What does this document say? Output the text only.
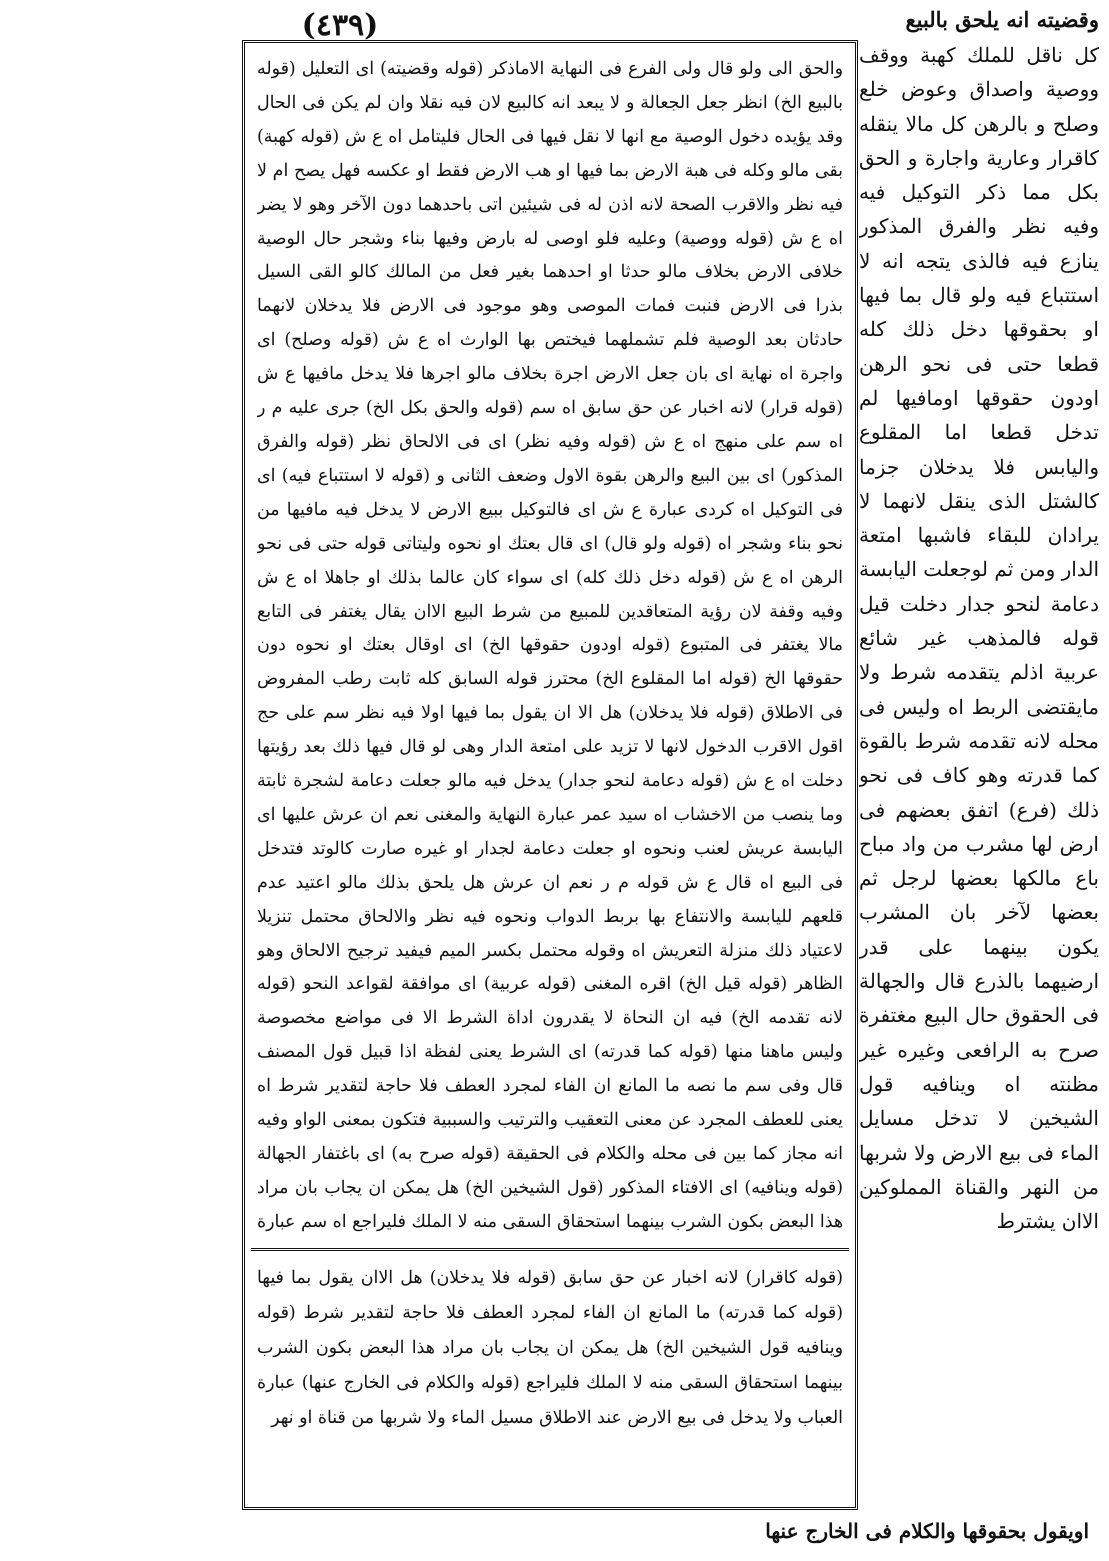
(٤٣٩)	وقضيته انه يلحق بالبيع

كل ناقل للملك كهبة ووقف ووصية واصداق وعوض خلع وصلح و بالرهن كل مالا ينقله كاقرار وعارية واجارة و الحق بكل مما ذكر التوكيل فيه وفيه نظر والفرق المذكور ينازع فيه فالذى يتجه انه لا استتباع فيه ولو قال بما فيها او بحقوقها دخل ذلك كله قطعا حتى فى نحو الرهن اودون حقوقها اومافيها لم تدخل قطعا اما المقلوع واليابس فلا يدخلان جزما كالشتل الذى ينقل لانهما لا يرادان للبقاء فاشبها امتعة الدار ومن ثم لوجعلت اليابسة دعامة لنحو جدار دخلت قيل قوله فالمذهب غير شائع عربية اذلم يتقدمه شرط ولا مايقتضى الربط اه وليس فى محله لانه تقدمه شرط بالقوة كما قدرته وهو كاف فى نحو ذلك (فرع) اتفق بعضهم فى ارض لها مشرب من واد مباح باع مالكها بعضها لرجل ثم بعضها لآخر بان المشرب يكون بينهما على قدر ارضيهما بالذرع قال والجهالة فى الحقوق حال البيع مغتفرة صرح به الرافعى وغيره غير مظنته اه وينافيه قول الشيخين لا تدخل مسايل الماء فى بيع الارض ولا شربها من النهر والقناة المملوكين الاان يشترط

والحق الى ولو قال ولى الفرع فى النهاية الاماذكر (قوله وقضيته) اى التعليل (قوله بالبيع الخ) انظر جعل الجعالة و لا يبعد انه كالبيع لان فيه نقلا وان لم يكن فى الحال وقد يؤيده دخول الوصية مع انها لا نقل فيها فى الحال فليتامل اه ع ش (قوله كهبة) بقى مالو وكله فى هبة الارض بما فيها او هب الارض فقط او عكسه فهل يصح ام لا فيه نظر والاقرب الصحة لانه اذن له فى شيئين اتى باحدهما دون الآخر وهو لا يضر اه ع ش (قوله ووصية) وعليه فلو اوصى له بارض وفيها بناء وشجر حال الوصية خلافى الارض بخلاف مالو حدثا او احدهما بغير فعل من المالك كالو القى السيل بذرا فى الارض فنبت فمات الموصى وهو موجود فى الارض فلا يدخلان لانهما حادثان بعد الوصية فلم تشملهما فيختص بها الوارث اه ع ش (قوله وصلح) اى واجرة اه نهاية اى بان جعل الارض اجرة بخلاف مالو اجرها فلا يدخل مافيها ع ش (قوله قرار) لانه اخبار عن حق سابق اه سم (قوله والحق بكل الخ) جرى عليه م ر اه سم على منهج اه ع ش (قوله وفيه نظر) اى فى الالحاق نظر (قوله والفرق المذكور) اى بين البيع والرهن بقوة الاول وضعف الثانى و (قوله لا استتباع فيه) اى فى التوكيل اه كردى عبارة ع ش اى فالتوكيل ببيع الارض لا يدخل فيه مافيها من نحو بناء وشجر اه (قوله ولو قال) اى قال بعتك او نحوه وليتاتى قوله حتى فى نحو الرهن اه ع ش (قوله دخل ذلك كله) اى سواء كان عالما بذلك او جاهلا اه ع ش وفيه وقفة لان رؤية المتعاقدين للمبيع من شرط البيع الاان يقال يغتفر فى التابع مالا يغتفر فى المتبوع (قوله اودون حقوقها الخ) اى اوقال بعتك او نحوه دون حقوقها الخ (قوله اما المقلوع الخ) محترز قوله السابق كله ثابت رطب المفروض فى الاطلاق (قوله فلا يدخلان) هل الا ان يقول بما فيها اولا فيه نظر سم على حج اقول الاقرب الدخول لانها لا تزيد على امتعة الدار وهى لو قال فيها ذلك بعد رؤيتها دخلت اه ع ش (قوله دعامة لنحو جدار) يدخل فيه مالو جعلت دعامة لشجرة ثابتة وما ينصب من الاخشاب اه سيد عمر عبارة النهاية والمغنى نعم ان عرش عليها اى اليابسة عريش لعنب ونحوه او جعلت دعامة لجدار او غيره صارت كالوتد فتدخل فى البيع اه قال ع ش قوله م ر نعم ان عرش هل يلحق بذلك مالو اعتيد عدم قلعهم لليابسة والانتفاع بها بربط الدواب ونحوه فيه نظر والالحاق محتمل تنزيلا لاعتياد ذلك منزلة التعريش اه وقوله محتمل بكسر الميم فيفيد ترجيح الالحاق وهو الظاهر (قوله قيل الخ) اقره المغنى (قوله عربية) اى موافقة لقواعد النحو (قوله لانه تقدمه الخ) فيه ان النحاة لا يقدرون اداة الشرط الا فى مواضع مخصوصة وليس ماهنا منها (قوله كما قدرته) اى الشرط يعنى لفظة اذا قبيل قول المصنف قال وفى سم ما نصه ما المانع ان الفاء لمجرد العطف فلا حاجة لتقدير شرط اه يعنى للعطف المجرد عن معنى التعقيب والترتيب والسببية فتكون بمعنى الواو وفيه انه مجاز كما بين فى محله والكلام فى الحقيقة (قوله صرح به) اى باغتفار الجهالة (قوله وينافيه) اى الافتاء المذكور (قول الشيخين الخ) هل يمكن ان يجاب بان مراد هذا البعض بكون الشرب بينهما استحقاق السقى منه لا الملك فليراجع اه سم عبارة

(قوله كاقرار) لانه اخبار عن حق سابق (قوله فلا يدخلان) هل الاان يقول بما فيها (قوله كما قدرته) ما المانع ان الفاء لمجرد العطف فلا حاجة لتقدير شرط (قوله وينافيه قول الشيخين الخ) هل يمكن ان يجاب بان مراد هذا البعض بكون الشرب بينهما استحقاق السقى منه لا الملك فليراجع (قوله والكلام فى الخارج عنها) عبارة العباب ولا يدخل فى بيع الارض عند الاطلاق مسيل الماء ولا شربها من قناة او نهر

اويقول بحقوقها والكلام فى الخارج عنها
